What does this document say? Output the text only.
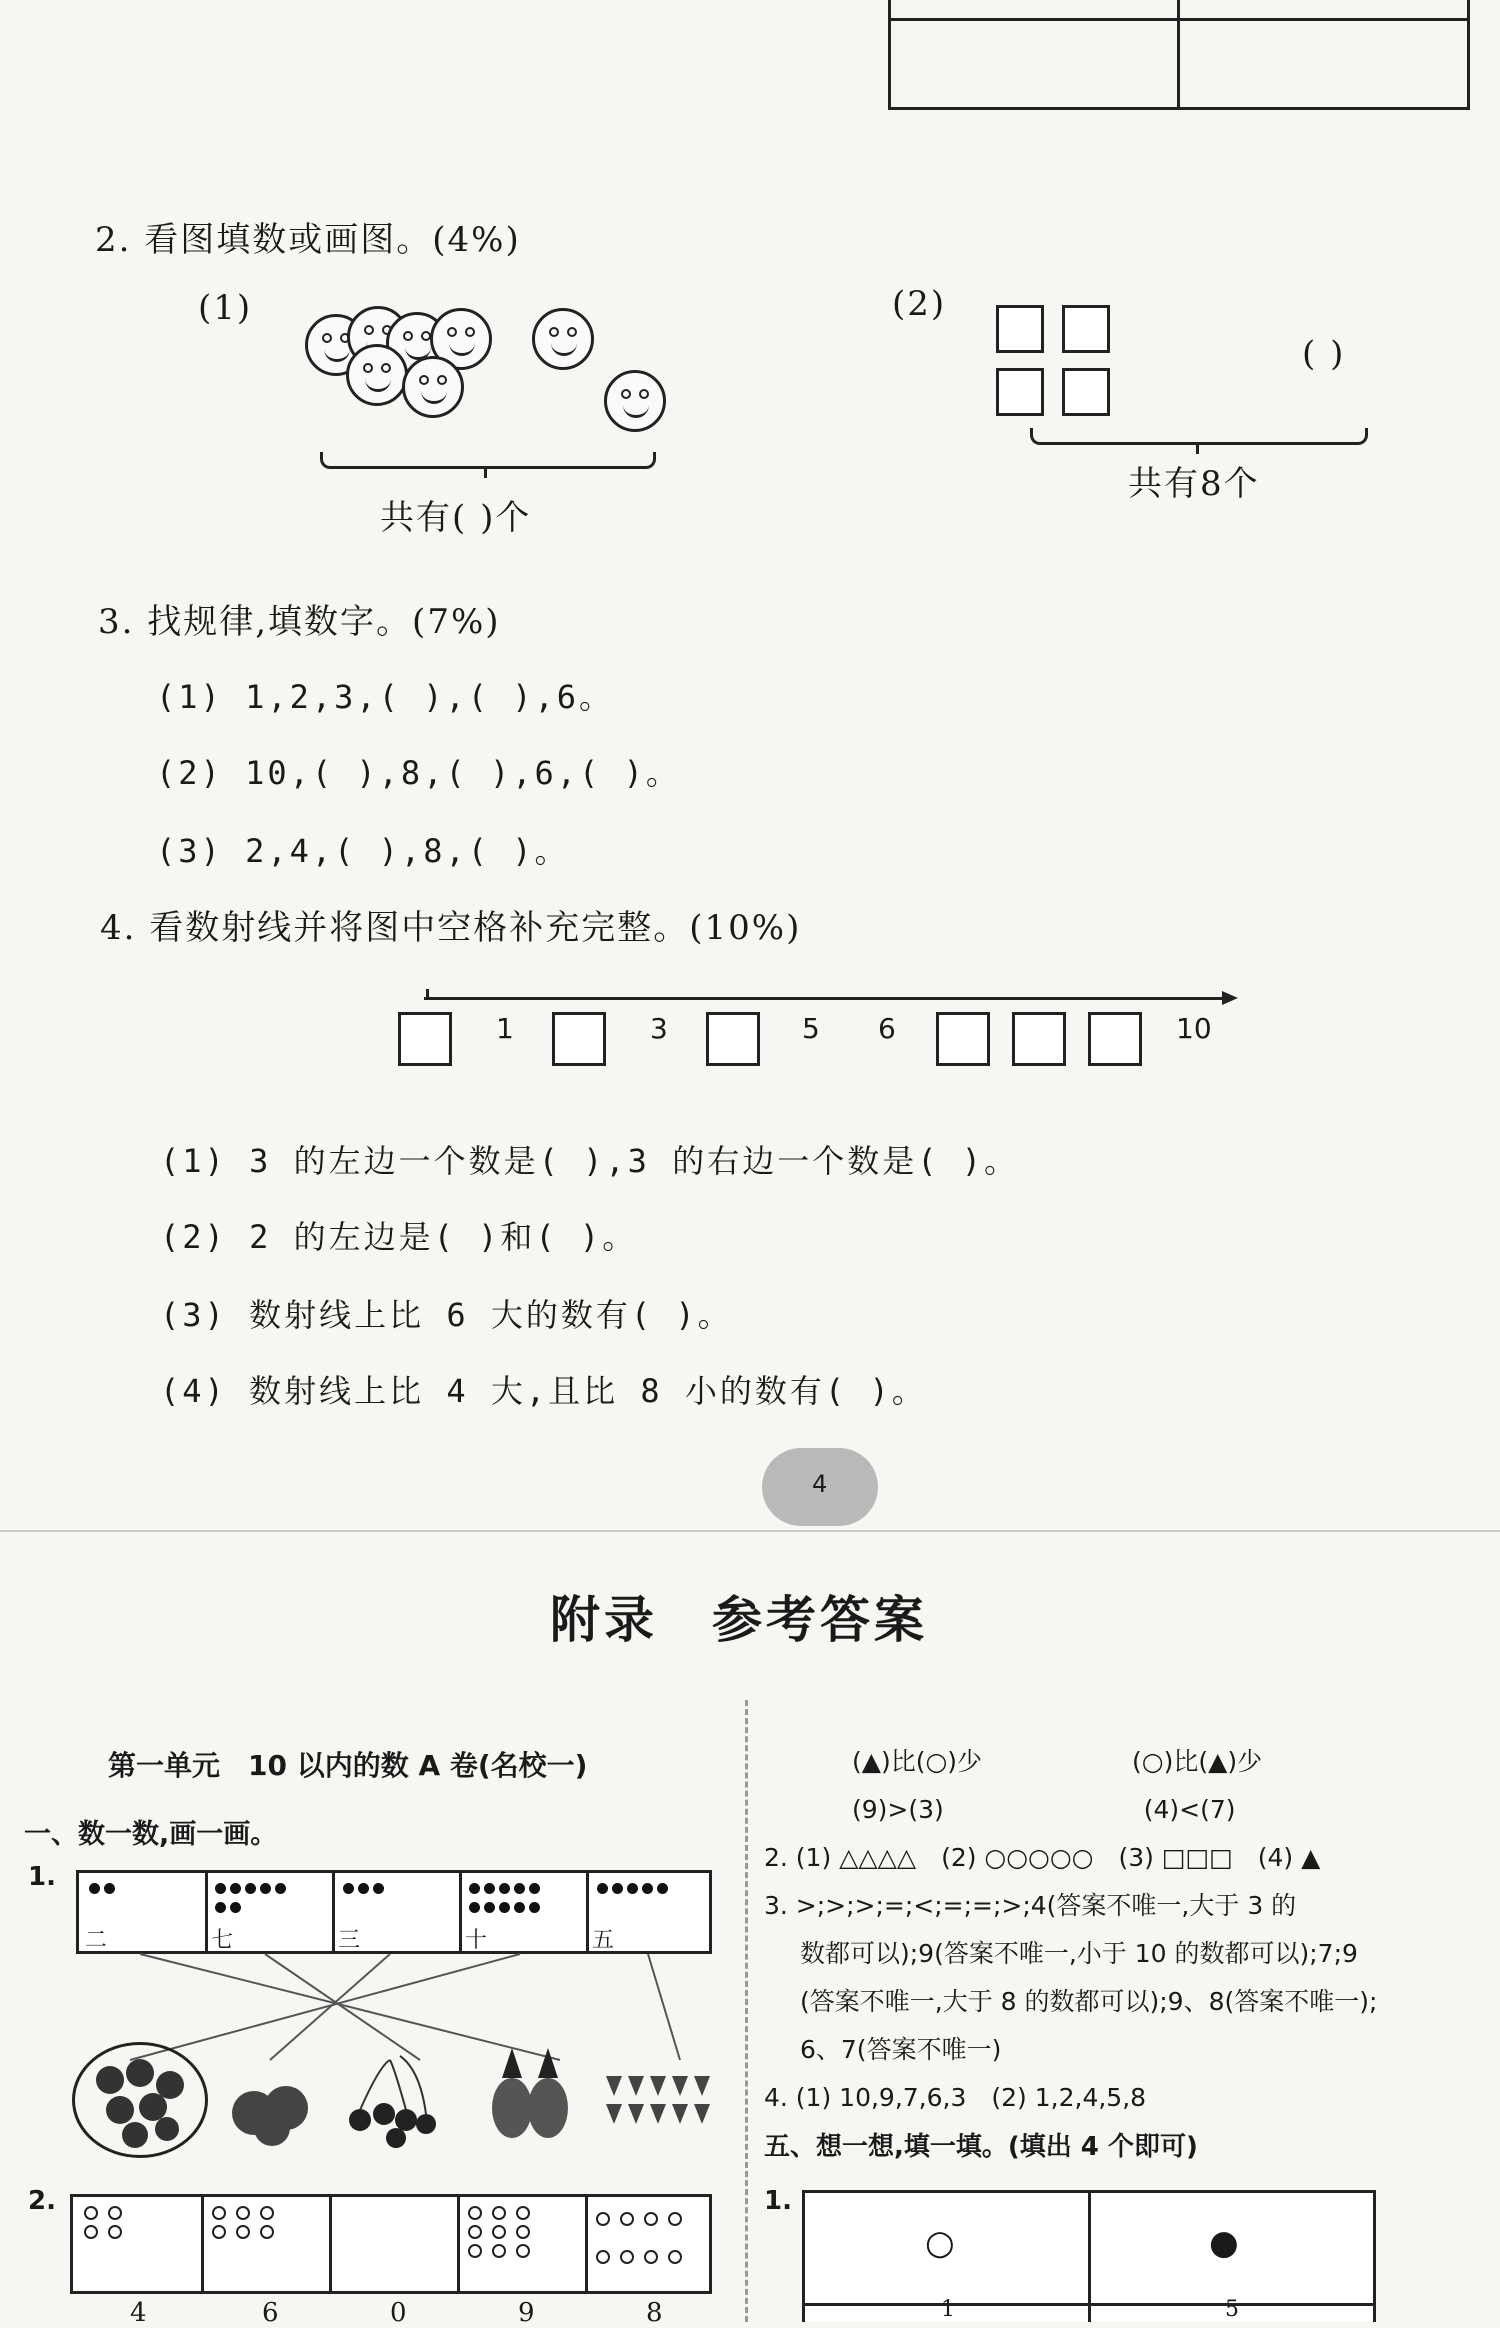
2. 看图填数或画图。(4%)
(1)
共有( )个
(2)
( )
共有8个
3. 找规律,填数字。(7%)
(1) 1,2,3,( ),( ),6。
(2) 10,( ),8,( ),6,( )。
(3) 2,4,( ),8,( )。
4. 看数射线并将图中空格补充完整。(10%)
1	3	5 6	10
(1) 3 的左边一个数是( ),3 的右边一个数是( )。
(2) 2 的左边是( )和( )。
(3) 数射线上比 6 大的数有( )。
(4) 数射线上比 4 大,且比 8 小的数有( )。
4
附录　参考答案
第一单元　10 以内的数 A 卷(名校一)
一、数一数,画一画。
1.

二	七	三	十	五
2.

4	6	0	9	8
(▲)比(○)少　　　　　　(○)比(▲)少
(9)>(3)　　　　　　　　(4)<(7)
2. (1) △△△△　(2) ○○○○○　(3) □□□　(4) ▲
3. >;>;>;=;<;=;=;>;4(答案不唯一,大于 3 的
数都可以);9(答案不唯一,小于 10 的数都可以);7;9
(答案不唯一,大于 8 的数都可以);9、8(答案不唯一);
6、7(答案不唯一)
4. (1) 10,9,7,6,3　(2) 1,2,4,5,8
五、想一想,填一填。(填出 4 个即可)
1.
○	●
1	5
